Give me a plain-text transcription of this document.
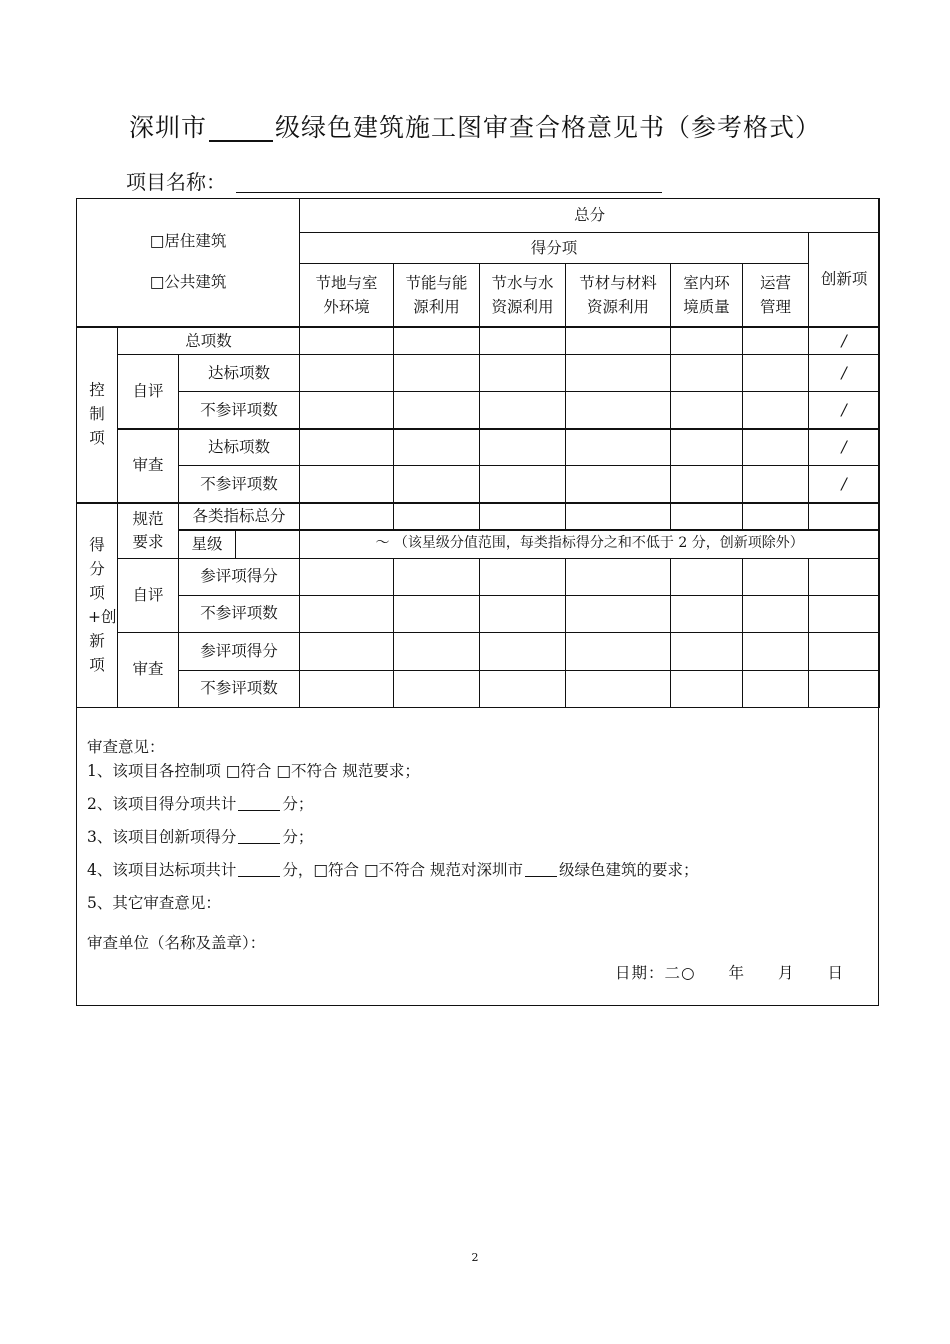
深圳市	级绿色建筑施工图审查合格意见书（参考格式）
项目名称：
□居住建筑
□公共建筑			总分						
			得分项						创新项

			节地与室外环境	节能与能源利用	节水与水资源利用	节材与材料资源利用	室内环境质量	运营管理	

控制项	总项数								/
	自评	达标项数							/
		不参评项数							/
	审查	达标项数							/
		不参评项数							/
得分项+创新项	规范要求	各类指标总分							
		星级	～ （该星级分值范围，每类指标得分之和不低于 2 分，创新项除外）						
	自评	参评项得分							
		不参评项数							
	审查	参评项得分							
		不参评项数							
审查意见：
1、该项目各控制项 □符合 □不符合 规范要求；
2、该项目得分项共计	分；
3、该项目创新项得分	分；
4、该项目达标项共计	分，□符合 □不符合 规范对深圳市 级绿色建筑的要求；
5、其它审查意见：
审查单位（名称及盖章）：
日期：二○　　年　　月　　日
2
